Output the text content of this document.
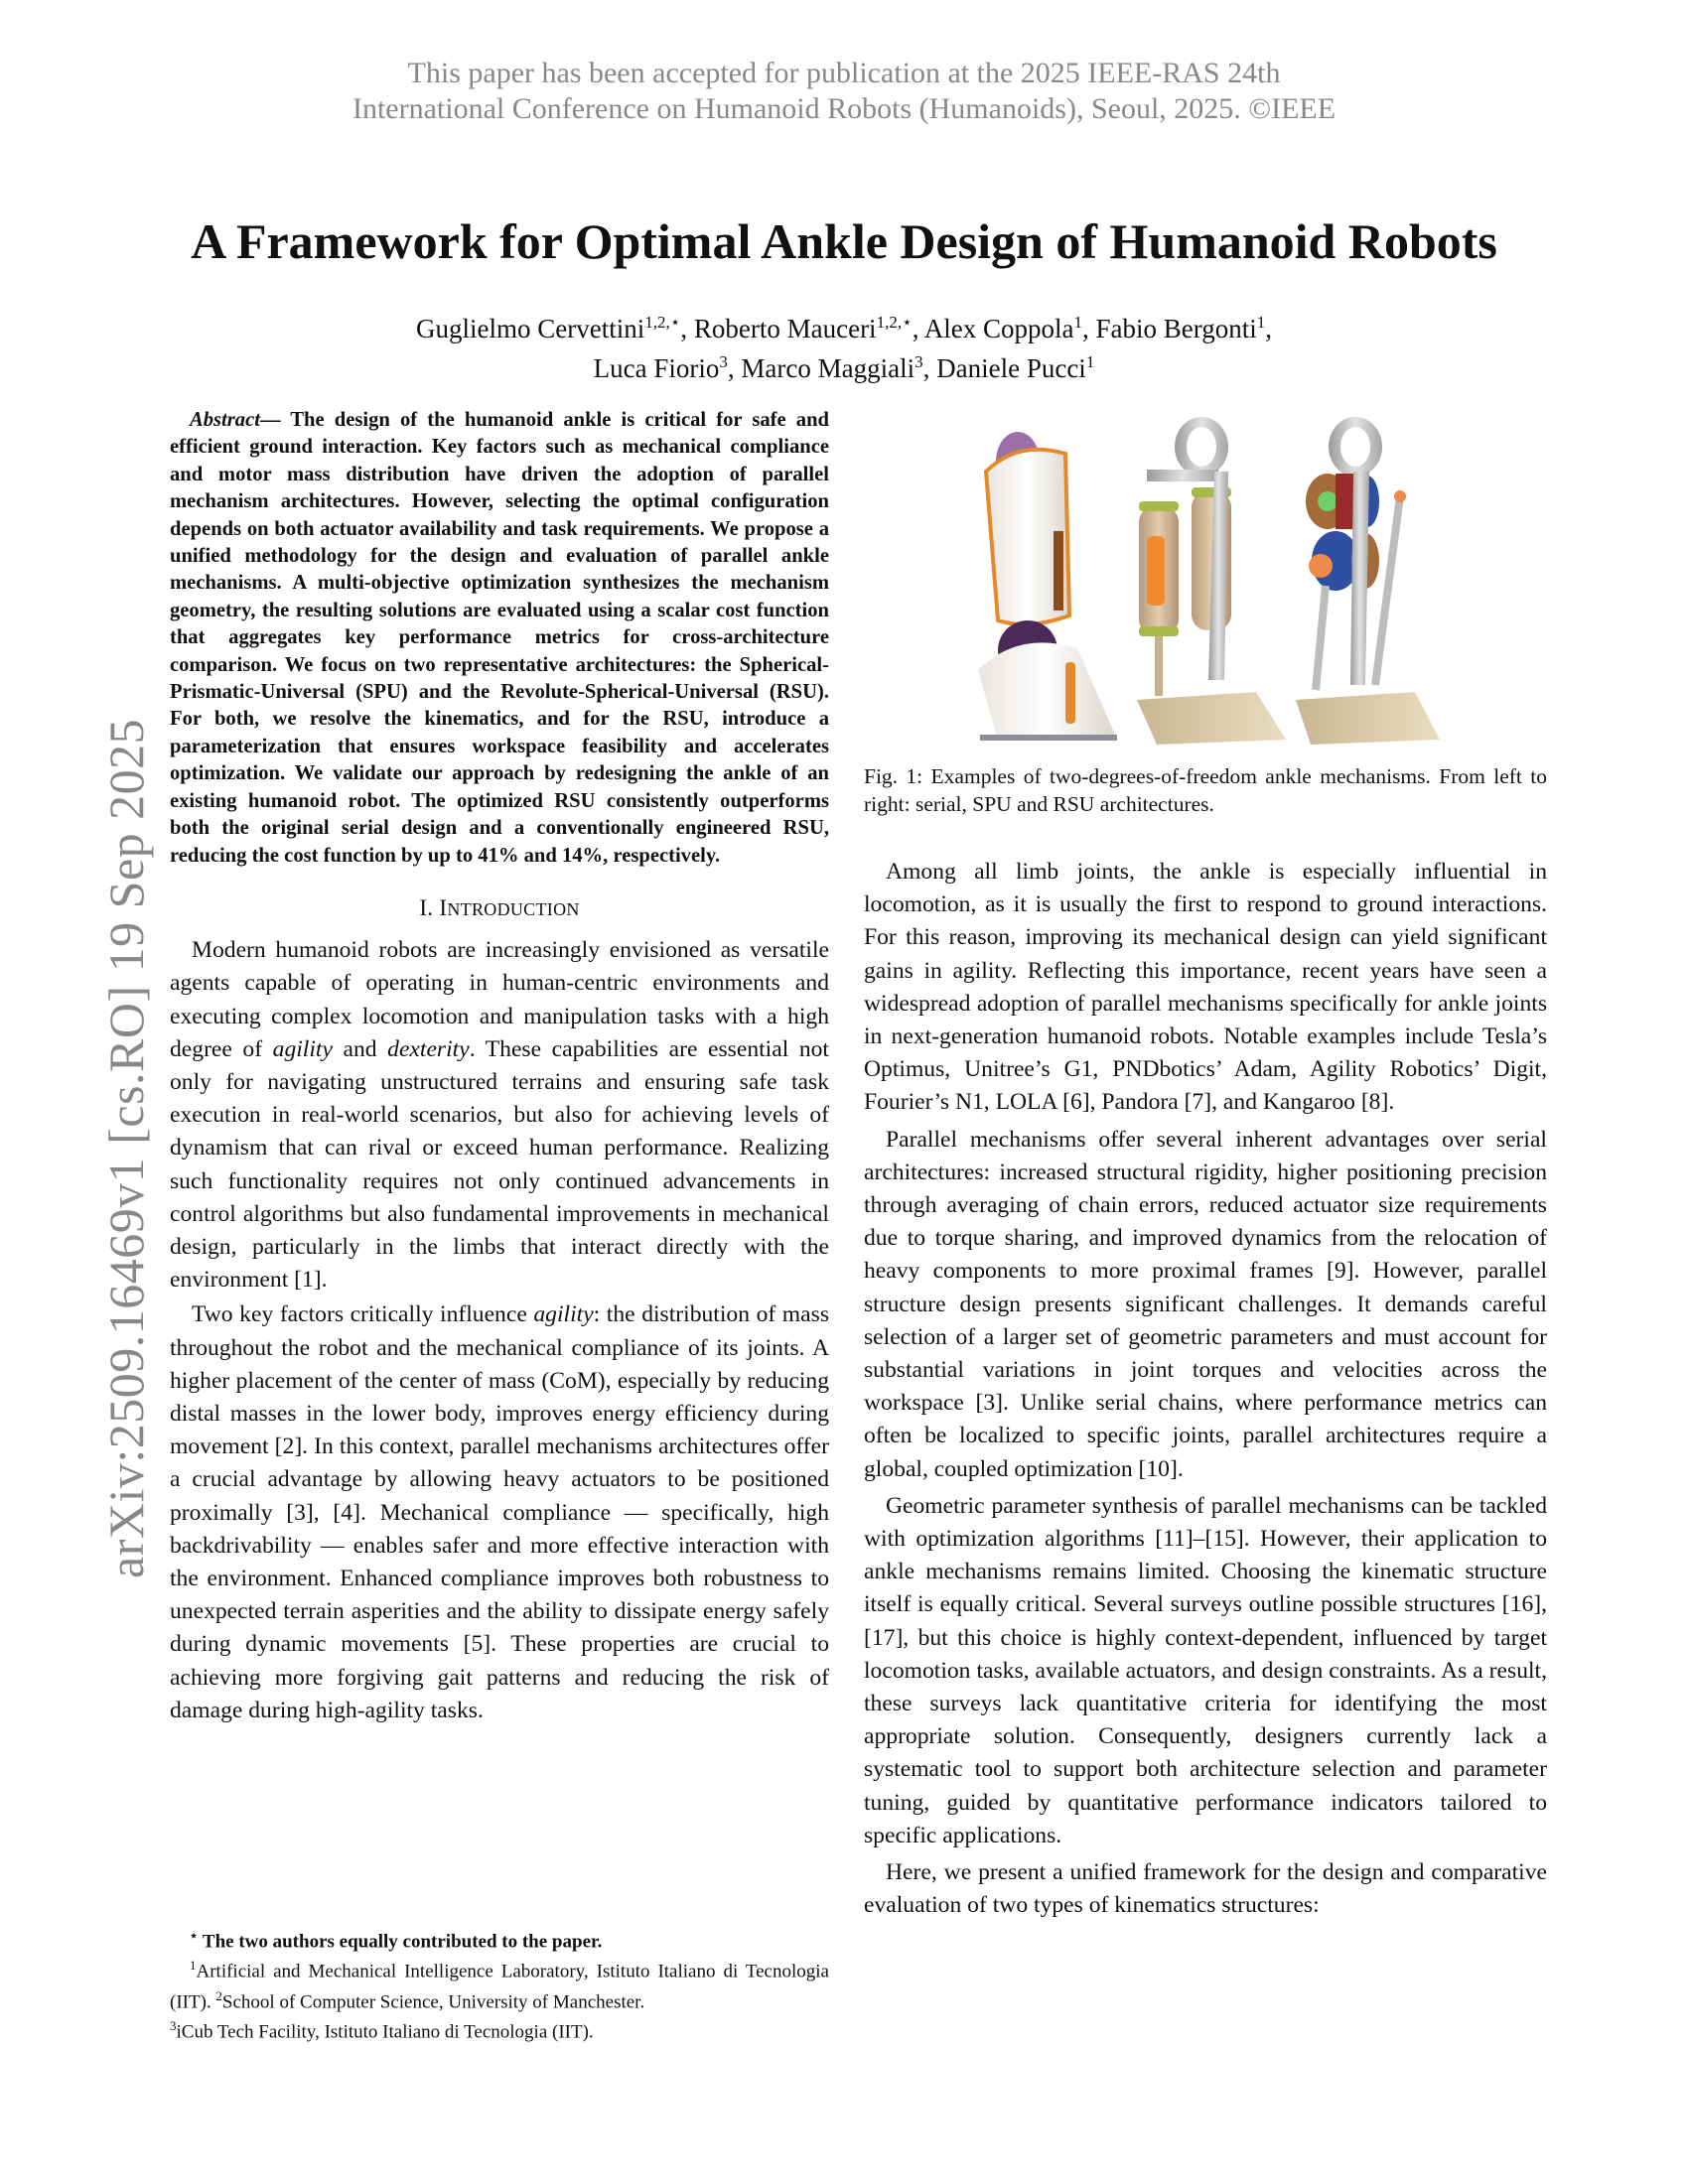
This paper has been accepted for publication at the 2025 IEEE-RAS 24th
International Conference on Humanoid Robots (Humanoids), Seoul, 2025. ©IEEE
arXiv:2509.16469v1 [cs.RO] 19 Sep 2025
A Framework for Optimal Ankle Design of Humanoid Robots
Guglielmo Cervettini$^{1,2,⋆}$, Roberto Mauceri$^{1,2,⋆}$, Alex Coppola$^1$, Fabio Bergonti$^1$,
Luca Fiorio$^3$, Marco Maggiali$^3$, Daniele Pucci$^1$

Abstract— The design of the humanoid ankle is critical for safe and efficient ground interaction. Key factors such as mechanical compliance and motor mass distribution have driven the adoption of parallel mechanism architectures. However, selecting the optimal configuration depends on both actuator availability and task requirements. We propose a unified methodology for the design and evaluation of parallel ankle mechanisms. A multi-objective optimization synthesizes the mechanism geometry, the resulting solutions are evaluated using a scalar cost function that aggregates key performance metrics for cross-architecture comparison. We focus on two representative architectures: the Spherical-Prismatic-Universal (SPU) and the Revolute-Spherical-Universal (RSU). For both, we resolve the kinematics, and for the RSU, introduce a parameterization that ensures workspace feasibility and accelerates optimization. We validate our approach by redesigning the ankle of an existing humanoid robot. The optimized RSU consistently outperforms both the original serial design and a conventionally engineered RSU, reducing the cost function by up to 41% and 14%, respectively.

I. INTRODUCTION

Modern humanoid robots are increasingly envisioned as versatile agents capable of operating in human-centric environments and executing complex locomotion and manipulation tasks with a high degree of agility and dexterity. These capabilities are essential not only for navigating unstructured terrains and ensuring safe task execution in real-world scenarios, but also for achieving levels of dynamism that can rival or exceed human performance. Realizing such functionality requires not only continued advancements in control algorithms but also fundamental improvements in mechanical design, particularly in the limbs that interact directly with the environment [1].

Two key factors critically influence agility: the distribution of mass throughout the robot and the mechanical compliance of its joints. A higher placement of the center of mass (CoM), especially by reducing distal masses in the lower body, improves energy efficiency during movement [2]. In this context, parallel mechanisms architectures offer a crucial advantage by allowing heavy actuators to be positioned proximally [3], [4]. Mechanical compliance — specifically, high backdrivability — enables safer and more effective interaction with the environment. Enhanced compliance improves both robustness to unexpected terrain asperities and the ability to dissipate energy safely during dynamic movements [5]. These properties are crucial to achieving more forgiving gait patterns and reducing the risk of damage during high-agility tasks.

⋆ The two authors equally contributed to the paper.

$^1$Artificial and Mechanical Intelligence Laboratory, Istituto Italiano di Tecnologia (IIT). $^2$School of Computer Science, University of Manchester.

$^3$iCub Tech Facility, Istituto Italiano di Tecnologia (IIT).

Fig. 1: Examples of two-degrees-of-freedom ankle mechanisms. From left to right: serial, SPU and RSU architectures.

Among all limb joints, the ankle is especially influential in locomotion, as it is usually the first to respond to ground interactions. For this reason, improving its mechanical design can yield significant gains in agility. Reflecting this importance, recent years have seen a widespread adoption of parallel mechanisms specifically for ankle joints in next-generation humanoid robots. Notable examples include Tesla’s Optimus, Unitree’s G1, PNDbotics’ Adam, Agility Robotics’ Digit, Fourier’s N1, LOLA [6], Pandora [7], and Kangaroo [8].

Parallel mechanisms offer several inherent advantages over serial architectures: increased structural rigidity, higher positioning precision through averaging of chain errors, reduced actuator size requirements due to torque sharing, and improved dynamics from the relocation of heavy components to more proximal frames [9]. However, parallel structure design presents significant challenges. It demands careful selection of a larger set of geometric parameters and must account for substantial variations in joint torques and velocities across the workspace [3]. Unlike serial chains, where performance metrics can often be localized to specific joints, parallel architectures require a global, coupled optimization [10].

Geometric parameter synthesis of parallel mechanisms can be tackled with optimization algorithms [11]–[15]. However, their application to ankle mechanisms remains limited. Choosing the kinematic structure itself is equally critical. Several surveys outline possible structures [16], [17], but this choice is highly context-dependent, influenced by target locomotion tasks, available actuators, and design constraints. As a result, these surveys lack quantitative criteria for identifying the most appropriate solution. Consequently, designers currently lack a systematic tool to support both architecture selection and parameter tuning, guided by quantitative performance indicators tailored to specific applications.

Here, we present a unified framework for the design and comparative evaluation of two types of kinematics structures:
